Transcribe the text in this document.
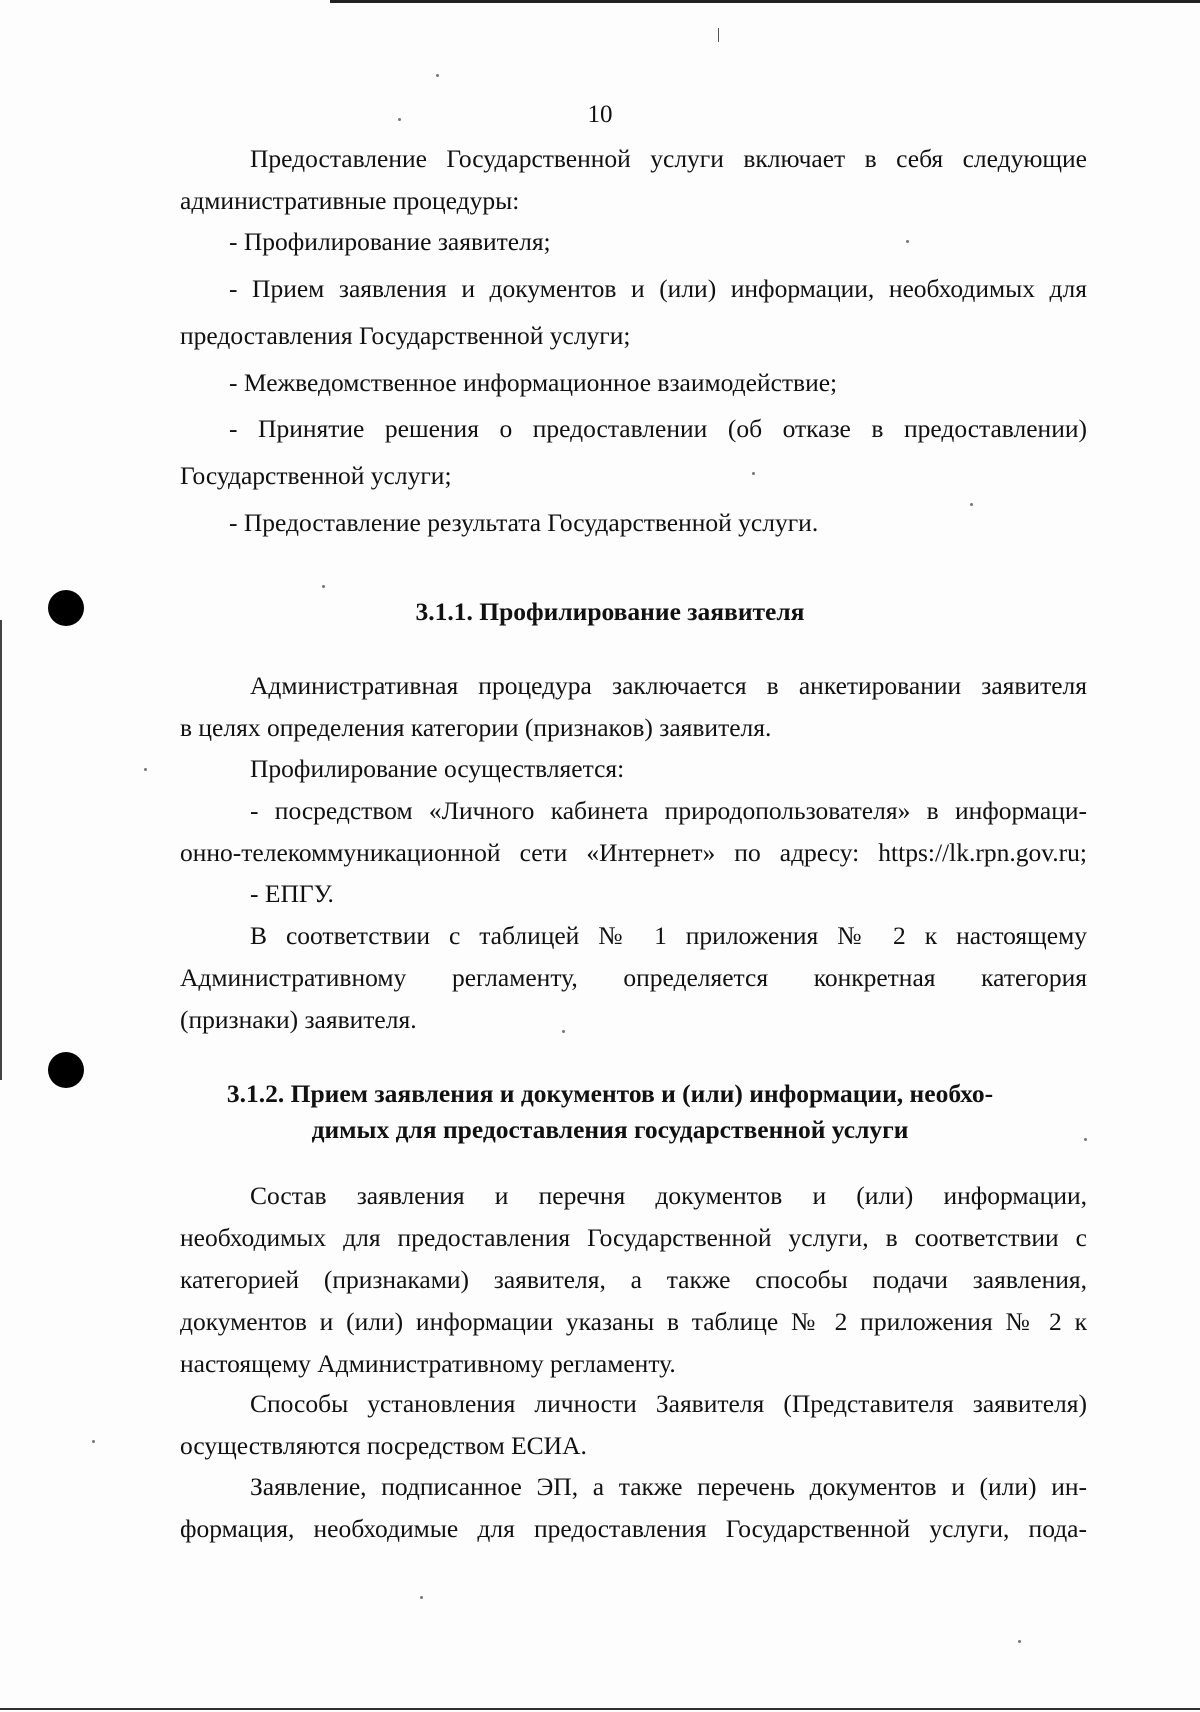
10

Предоставление Государственной услуги включает в себя следующие
административные процедуры:

- Профилирование заявителя;

- Прием заявления и документов и (или) информации, необходимых для
предоставления Государственной услуги;

- Межведомственное информационное взаимодействие;

- Принятие решения о предоставлении (об отказе в предоставлении)
Государственной услуги;

- Предоставление результата Государственной услуги.

3.1.1. Профилирование заявителя

Административная процедура заключается в анкетировании заявителя
в целях определения категории (признаков) заявителя.

Профилирование осуществляется:

- посредством «Личного кабинета природопользователя» в информаци-
онно-телекоммуникационной сети «Интернет» по адресу: https://lk.rpn.gov.ru;

- ЕПГУ.

В соответствии с таблицей № 1 приложения № 2 к настоящему
Административному регламенту, определяется конкретная категория
(признаки) заявителя.

3.1.2. Прием заявления и документов и (или) информации, необхо-
димых для предоставления государственной услуги

Состав заявления и перечня документов и (или) информации,
необходимых для предоставления Государственной услуги, в соответствии с
категорией (признаками) заявителя, а также способы подачи заявления,
документов и (или) информации указаны в таблице № 2 приложения № 2 к
настоящему Административному регламенту.

Способы установления личности Заявителя (Представителя заявителя)
осуществляются посредством ЕСИА.

Заявление, подписанное ЭП, а также перечень документов и (или) ин-
формация, необходимые для предоставления Государственной услуги, пода-
